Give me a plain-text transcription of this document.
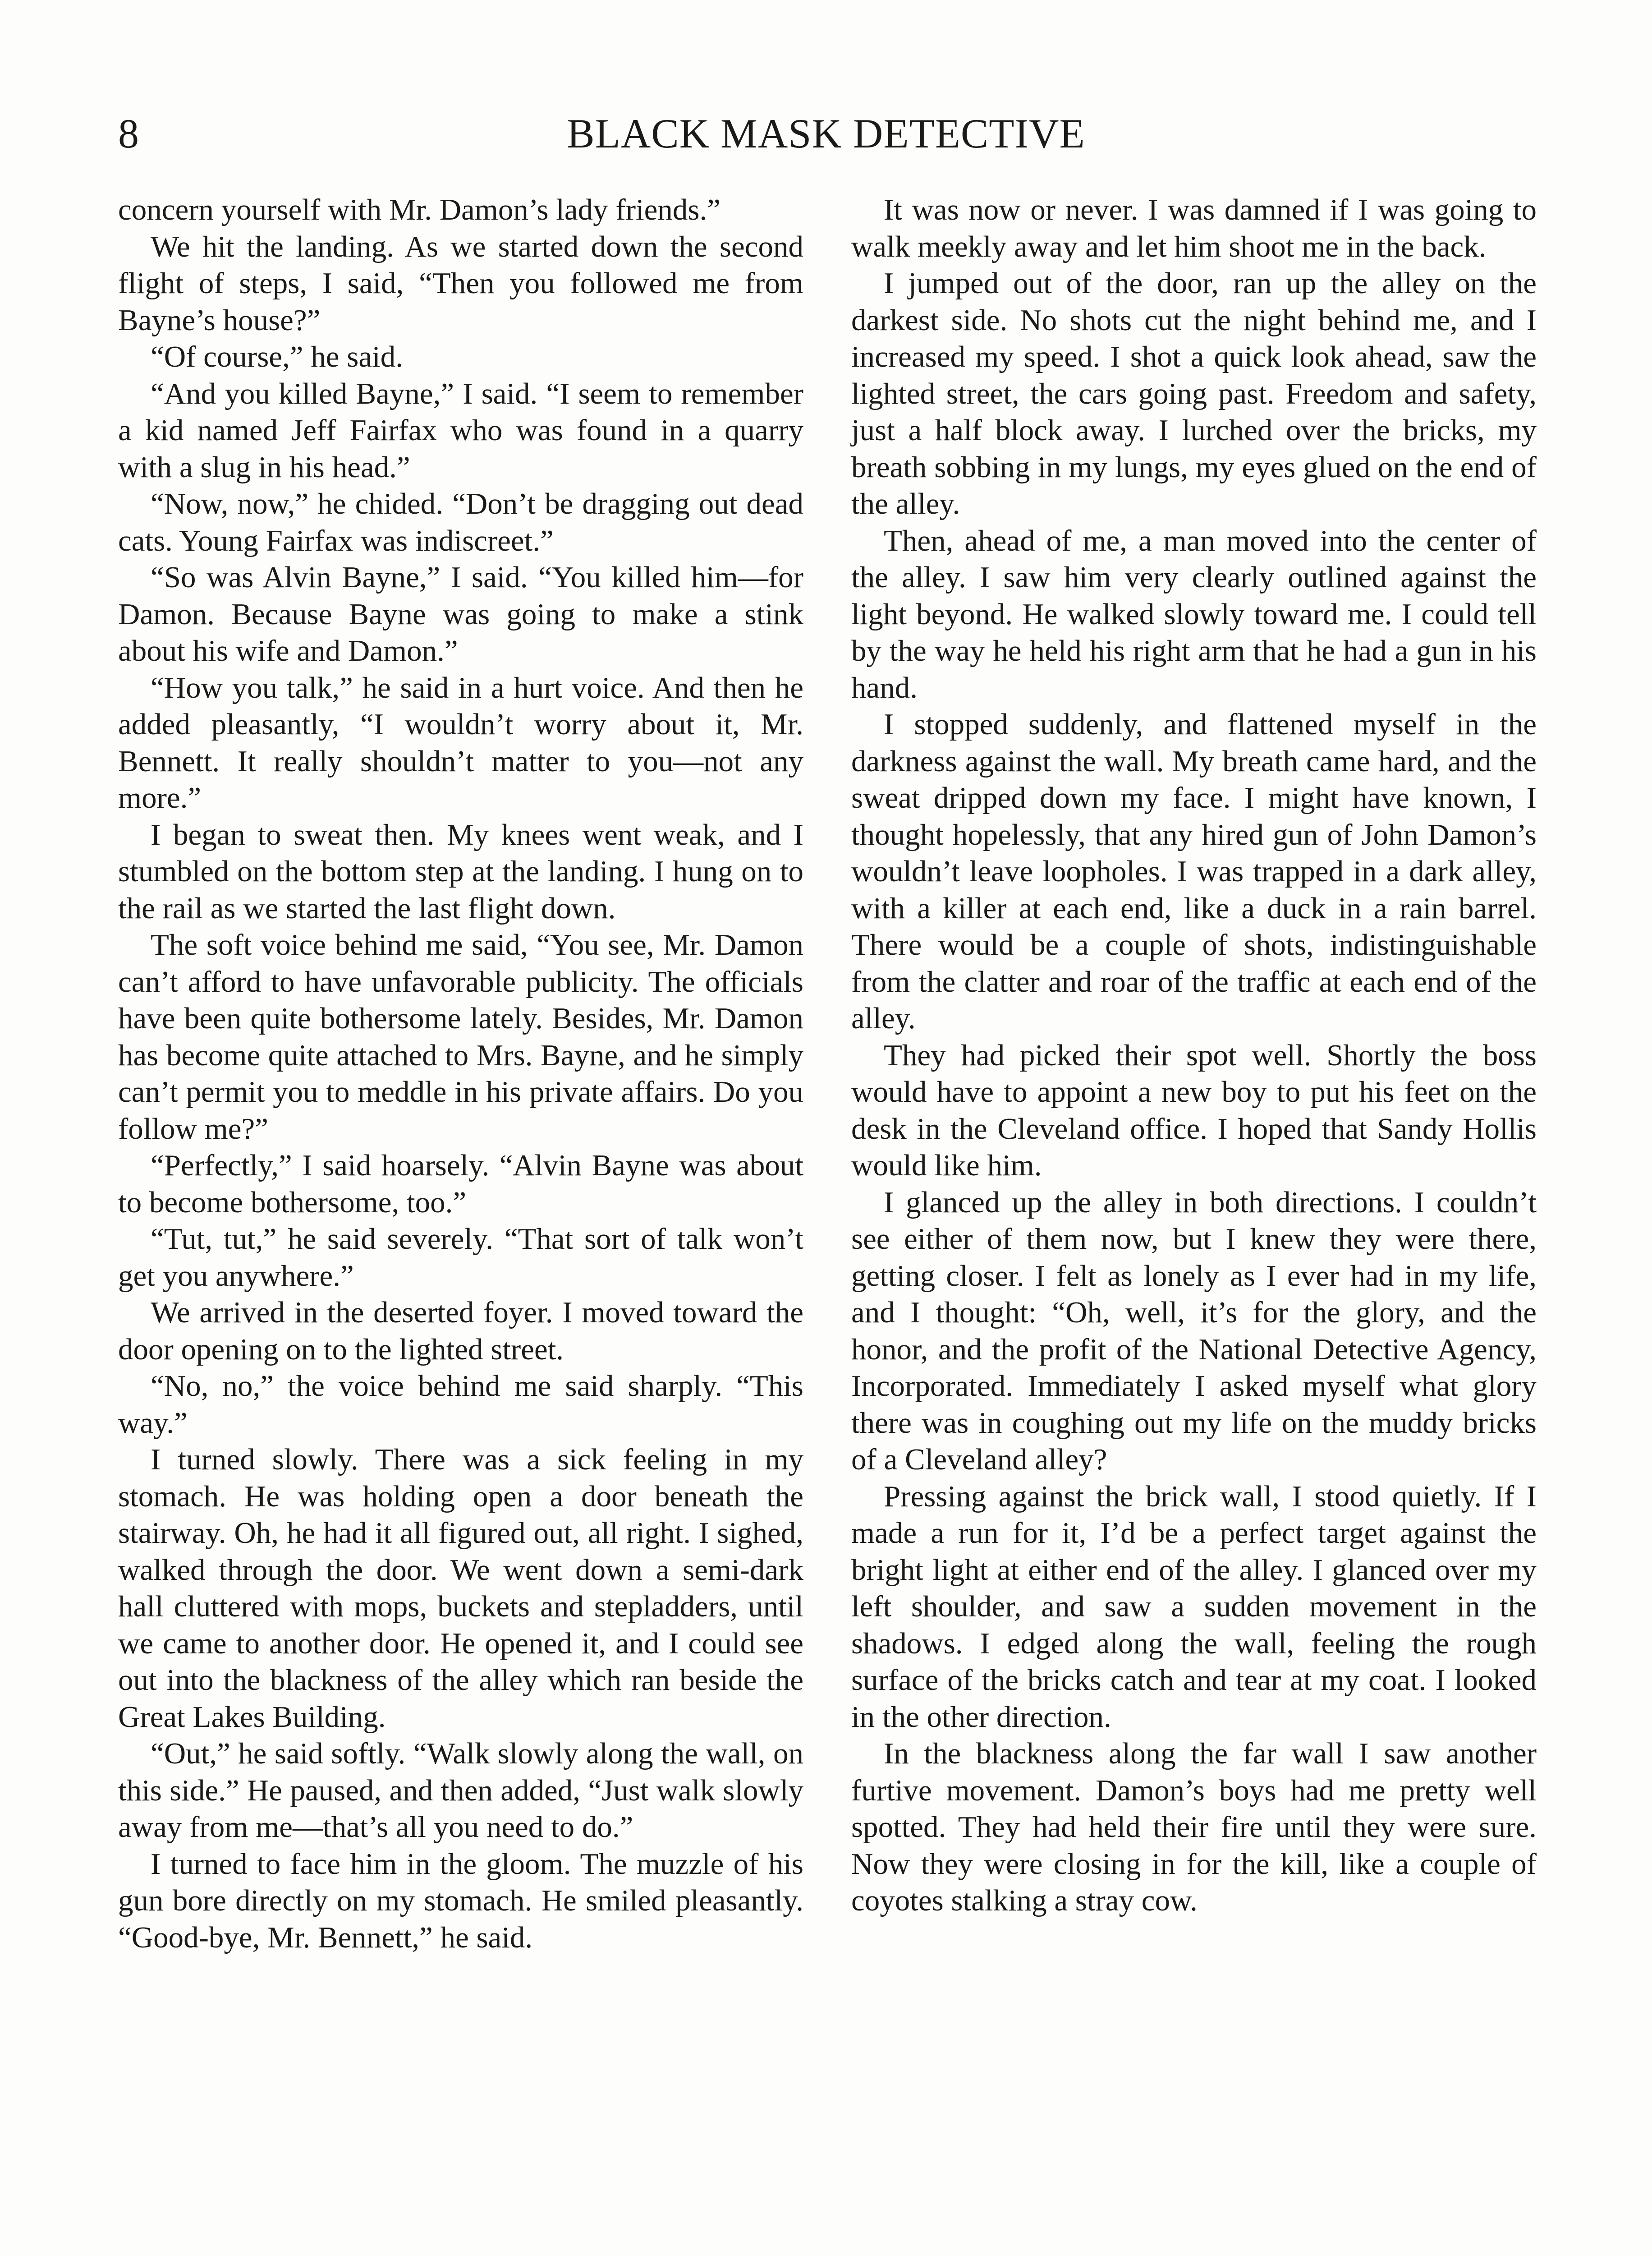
8	BLACK MASK DETECTIVE

concern yourself with Mr. Damon’s lady friends.”

We hit the landing. As we started down the second flight of steps, I said, “Then you followed me from Bayne’s house?”

“Of course,” he said.

“And you killed Bayne,” I said. “I seem to remember a kid named Jeff Fairfax who was found in a quarry with a slug in his head.”

“Now, now,” he chided. “Don’t be dragging out dead cats. Young Fairfax was indiscreet.”

“So was Alvin Bayne,” I said. “You killed him—for Damon. Because Bayne was going to make a stink about his wife and Damon.”

“How you talk,” he said in a hurt voice. And then he added pleasantly, “I wouldn’t worry about it, Mr. Bennett. It really shouldn’t matter to you—not any more.”

I began to sweat then. My knees went weak, and I stumbled on the bottom step at the landing. I hung on to the rail as we started the last flight down.

The soft voice behind me said, “You see, Mr. Damon can’t afford to have unfavorable publicity. The officials have been quite bothersome lately. Besides, Mr. Damon has become quite attached to Mrs. Bayne, and he simply can’t permit you to meddle in his private affairs. Do you follow me?”

“Perfectly,” I said hoarsely. “Alvin Bayne was about to become bothersome, too.”

“Tut, tut,” he said severely. “That sort of talk won’t get you anywhere.”

We arrived in the deserted foyer. I moved toward the door opening on to the lighted street.

“No, no,” the voice behind me said sharply. “This way.”

I turned slowly. There was a sick feeling in my stomach. He was holding open a door beneath the stairway. Oh, he had it all figured out, all right. I sighed, walked through the door. We went down a semi-dark hall cluttered with mops, buckets and stepladders, until we came to another door. He opened it, and I could see out into the blackness of the alley which ran beside the Great Lakes Building.

“Out,” he said softly. “Walk slowly along the wall, on this side.” He paused, and then added, “Just walk slowly away from me—that’s all you need to do.”

I turned to face him in the gloom. The muzzle of his gun bore directly on my stomach. He smiled pleasantly. “Good-bye, Mr. Bennett,” he said.

It was now or never. I was damned if I was going to walk meekly away and let him shoot me in the back.

I jumped out of the door, ran up the alley on the darkest side. No shots cut the night behind me, and I increased my speed. I shot a quick look ahead, saw the lighted street, the cars going past. Freedom and safety, just a half block away. I lurched over the bricks, my breath sobbing in my lungs, my eyes glued on the end of the alley.

Then, ahead of me, a man moved into the center of the alley. I saw him very clearly outlined against the light beyond. He walked slowly toward me. I could tell by the way he held his right arm that he had a gun in his hand.

I stopped suddenly, and flattened myself in the darkness against the wall. My breath came hard, and the sweat dripped down my face. I might have known, I thought hopelessly, that any hired gun of John Damon’s wouldn’t leave loopholes. I was trapped in a dark alley, with a killer at each end, like a duck in a rain barrel. There would be a couple of shots, indistinguishable from the clatter and roar of the traffic at each end of the alley.

They had picked their spot well. Shortly the boss would have to appoint a new boy to put his feet on the desk in the Cleveland office. I hoped that Sandy Hollis would like him.

I glanced up the alley in both directions. I couldn’t see either of them now, but I knew they were there, getting closer. I felt as lonely as I ever had in my life, and I thought: “Oh, well, it’s for the glory, and the honor, and the profit of the National Detective Agency, Incorporated. Immediately I asked myself what glory there was in coughing out my life on the muddy bricks of a Cleveland alley?

Pressing against the brick wall, I stood quietly. If I made a run for it, I’d be a perfect target against the bright light at either end of the alley. I glanced over my left shoulder, and saw a sudden movement in the shadows. I edged along the wall, feeling the rough surface of the bricks catch and tear at my coat. I looked in the other direction.

In the blackness along the far wall I saw another furtive movement. Damon’s boys had me pretty well spotted. They had held their fire until they were sure. Now they were closing in for the kill, like a couple of coyotes stalking a stray cow.
